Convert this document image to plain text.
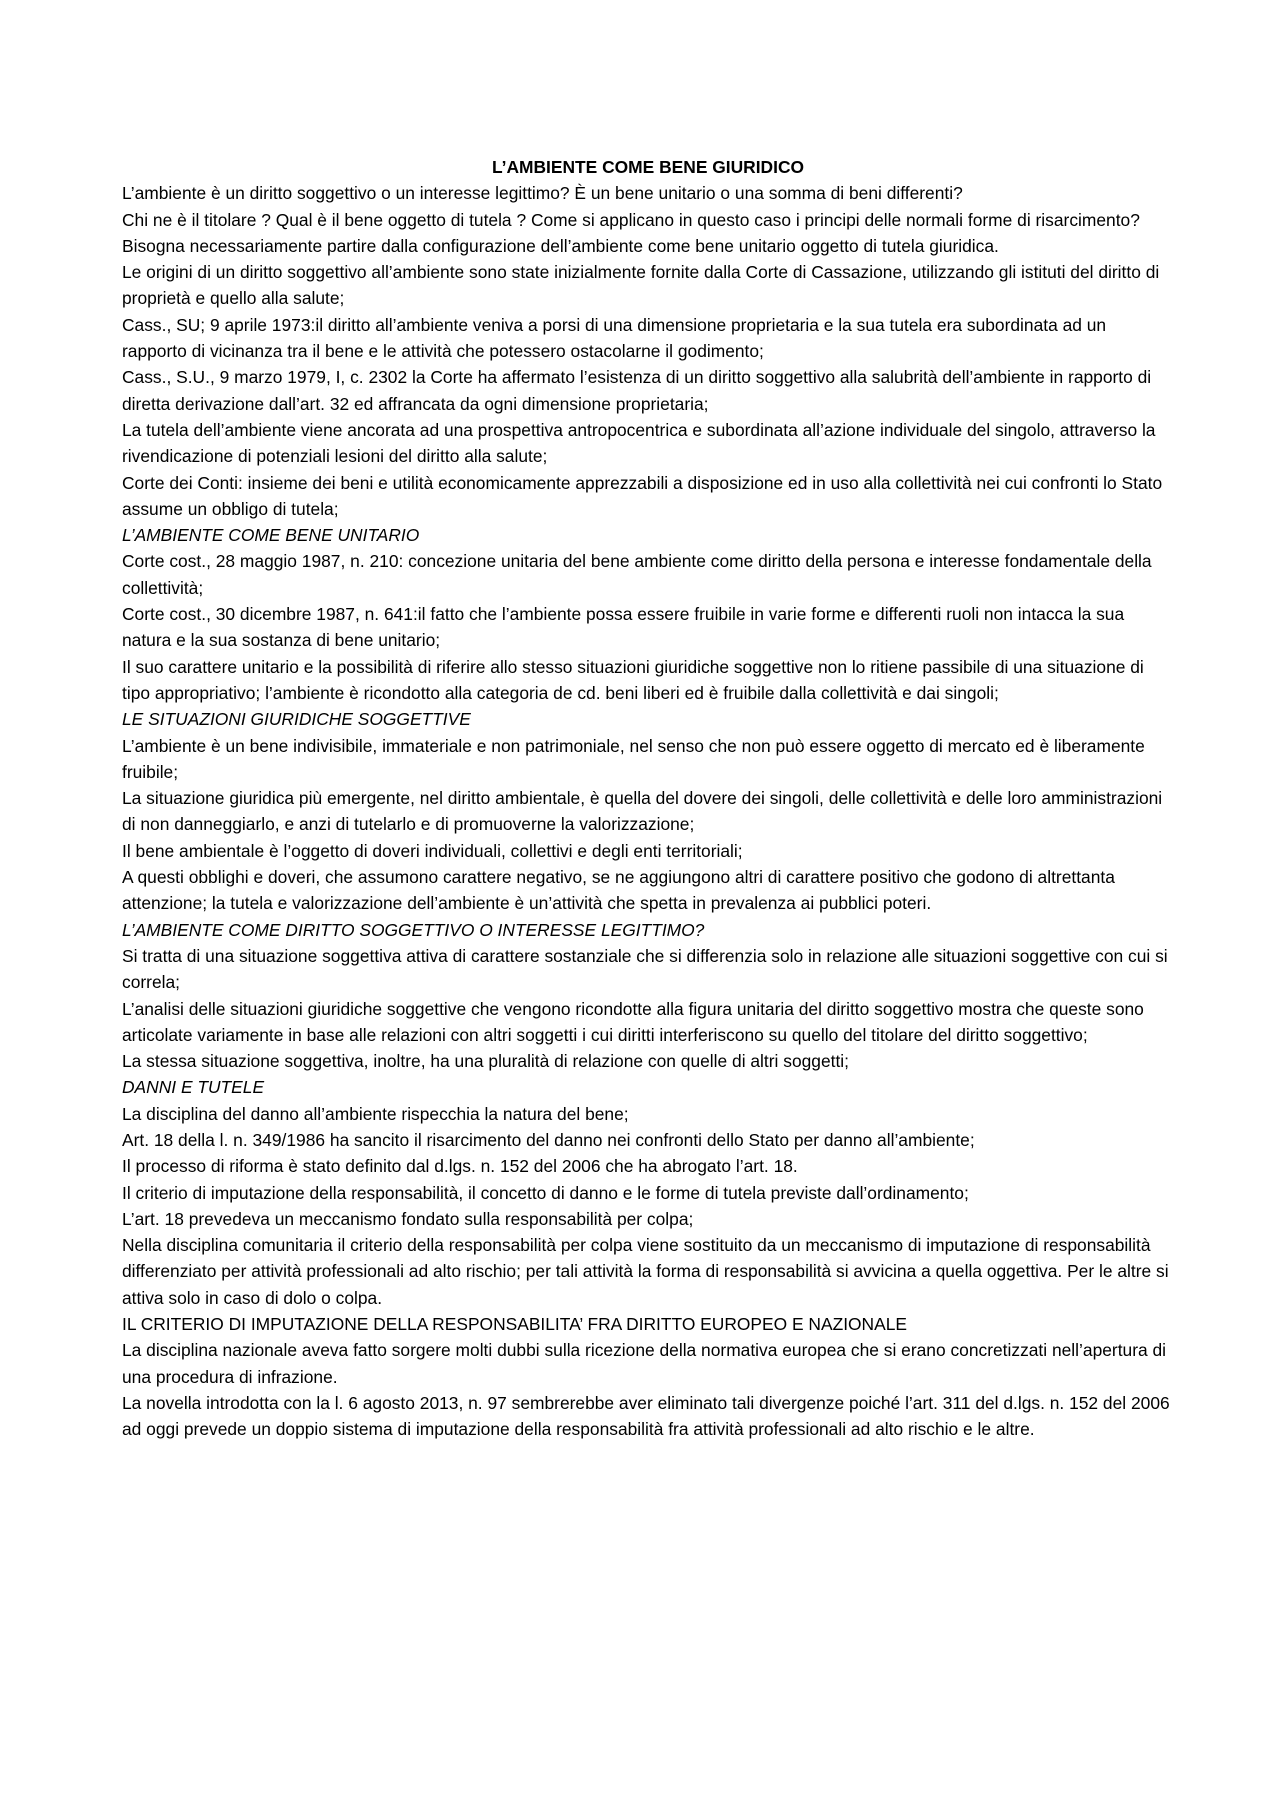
L’AMBIENTE COME BENE GIURIDICO

L’ambiente è un diritto soggettivo o un interesse legittimo? È un bene unitario o una somma di beni differenti?

Chi ne è il titolare ? Qual è il bene oggetto di tutela ? Come si applicano in questo caso i principi delle normali forme di risarcimento?

Bisogna necessariamente partire dalla configurazione dell’ambiente come bene unitario oggetto di tutela giuridica.

Le origini di un diritto soggettivo all’ambiente sono state inizialmente fornite dalla Corte di Cassazione, utilizzando gli istituti del diritto di proprietà e quello alla salute;

Cass., SU; 9 aprile 1973:il diritto all’ambiente veniva a porsi di una dimensione proprietaria e la sua tutela era subordinata ad un rapporto di vicinanza tra il bene e le attività che potessero ostacolarne il godimento;

Cass., S.U., 9 marzo 1979, I, c. 2302 la Corte ha affermato l’esistenza di un diritto soggettivo alla salubrità dell’ambiente in rapporto di diretta derivazione dall’art. 32 ed affrancata da ogni dimensione proprietaria;

La tutela dell’ambiente viene ancorata ad una prospettiva antropocentrica e subordinata all’azione individuale del singolo, attraverso la rivendicazione di potenziali lesioni del diritto alla salute;

Corte dei Conti: insieme dei beni e utilità economicamente apprezzabili a disposizione ed in uso alla collettività nei cui confronti lo Stato assume un obbligo di tutela;

L’AMBIENTE COME BENE UNITARIO

Corte cost., 28 maggio 1987, n. 210: concezione unitaria del bene ambiente come diritto della persona e interesse fondamentale della collettività;

Corte cost., 30 dicembre 1987, n. 641:il fatto che l’ambiente possa essere fruibile in varie forme e differenti ruoli non intacca la sua natura e la sua sostanza di bene unitario;

Il suo carattere unitario e la possibilità di riferire allo stesso situazioni giuridiche soggettive non lo ritiene passibile di una situazione di tipo appropriativo; l’ambiente è ricondotto alla categoria de cd. beni liberi ed è fruibile dalla collettività e dai singoli;

LE SITUAZIONI GIURIDICHE SOGGETTIVE

L’ambiente è un bene indivisibile, immateriale e non patrimoniale, nel senso che non può essere oggetto di mercato ed è liberamente fruibile;

La situazione giuridica più emergente, nel diritto ambientale, è quella del dovere dei singoli, delle collettività e delle loro amministrazioni di non danneggiarlo, e anzi di tutelarlo e di promuoverne la valorizzazione;

Il bene ambientale è l’oggetto di doveri individuali, collettivi e degli enti territoriali;

A questi obblighi e doveri, che assumono carattere negativo, se ne aggiungono altri di carattere positivo che godono di altrettanta attenzione; la tutela e valorizzazione dell’ambiente è un’attività che spetta in prevalenza ai pubblici poteri.

L’AMBIENTE COME DIRITTO SOGGETTIVO O INTERESSE LEGITTIMO?

Si tratta di una situazione soggettiva attiva di carattere sostanziale che si differenzia solo in relazione alle situazioni soggettive con cui si correla;

L’analisi delle situazioni giuridiche soggettive che vengono ricondotte alla figura unitaria del diritto soggettivo mostra che queste sono articolate variamente in base alle relazioni con altri soggetti i cui diritti interferiscono su quello del titolare del diritto soggettivo;

La stessa situazione soggettiva, inoltre, ha una pluralità di relazione con quelle di altri soggetti;

DANNI E TUTELE

La disciplina del danno all’ambiente rispecchia la natura del bene;

Art. 18 della l. n. 349/1986 ha sancito il risarcimento del danno nei confronti dello Stato per danno all’ambiente;

Il processo di riforma è stato definito dal d.lgs. n. 152 del 2006 che ha abrogato l’art. 18.

Il criterio di imputazione della responsabilità, il concetto di danno e le forme di tutela previste dall’ordinamento;

L’art. 18 prevedeva un meccanismo fondato sulla responsabilità per colpa;

Nella disciplina comunitaria il criterio della responsabilità per colpa viene sostituito da un meccanismo di imputazione di responsabilità differenziato per attività professionali ad alto rischio; per tali attività la forma di responsabilità si avvicina a quella oggettiva. Per le altre si attiva solo in caso di dolo o colpa.

IL CRITERIO DI IMPUTAZIONE DELLA RESPONSABILITA’ FRA DIRITTO EUROPEO E NAZIONALE

La disciplina nazionale aveva fatto sorgere molti dubbi sulla ricezione della normativa europea che si erano concretizzati nell’apertura di una procedura di infrazione.

La novella introdotta con la l. 6 agosto 2013, n. 97 sembrerebbe aver eliminato tali divergenze poiché l’art. 311 del d.lgs. n. 152 del 2006 ad oggi prevede un doppio sistema di imputazione della responsabilità fra attività professionali ad alto rischio e le altre.
